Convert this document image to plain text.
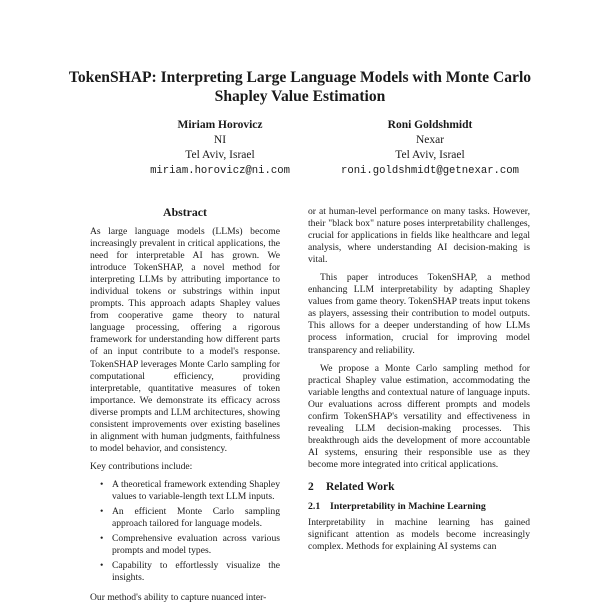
TokenSHAP: Interpreting Large Language Models with Monte Carlo
Shapley Value Estimation
Miriam Horovicz
NI
Tel Aviv, Israel
miriam.horovicz@ni.com
Roni Goldshmidt
Nexar
Tel Aviv, Israel
roni.goldshmidt@getnexar.com
Abstract

As large language models (LLMs) become increasingly prevalent in critical applications, the need for interpretable AI has grown. We introduce TokenSHAP, a novel method for interpreting LLMs by attributing importance to individual tokens or substrings within input prompts. This approach adapts Shapley values from cooperative game theory to natural language processing, offering a rigorous framework for understanding how different parts of an input contribute to a model's response. TokenSHAP leverages Monte Carlo sampling for computational efficiency, providing interpretable, quantitative measures of token importance. We demonstrate its efficacy across diverse prompts and LLM architectures, showing consistent improvements over existing baselines in alignment with human judgments, faithfulness to model behavior, and consistency.

Key contributions include:

• A theoretical framework extending Shapley values to variable-length text LLM inputs.
• An efficient Monte Carlo sampling approach tailored for language models.
• Comprehensive evaluation across various prompts and model types.
• Capability to effortlessly visualize the insights.

Our method's ability to capture nuanced inter-

or at human-level performance on many tasks. However, their "black box" nature poses interpretability challenges, crucial for applications in fields like healthcare and legal analysis, where understanding AI decision-making is vital.

This paper introduces TokenSHAP, a method enhancing LLM interpretability by adapting Shapley values from game theory. TokenSHAP treats input tokens as players, assessing their contribution to model outputs. This allows for a deeper understanding of how LLMs process information, crucial for improving model transparency and reliability.

We propose a Monte Carlo sampling method for practical Shapley value estimation, accommodating the variable lengths and contextual nature of language inputs. Our evaluations across different prompts and models confirm TokenSHAP's versatility and effectiveness in revealing LLM decision-making processes. This breakthrough aids the development of more accountable AI systems, ensuring their responsible use as they become more integrated into critical applications.

2 Related Work
2.1 Interpretability in Machine Learning

Interpretability in machine learning has gained significant attention as models become increasingly complex. Methods for explaining AI systems can
